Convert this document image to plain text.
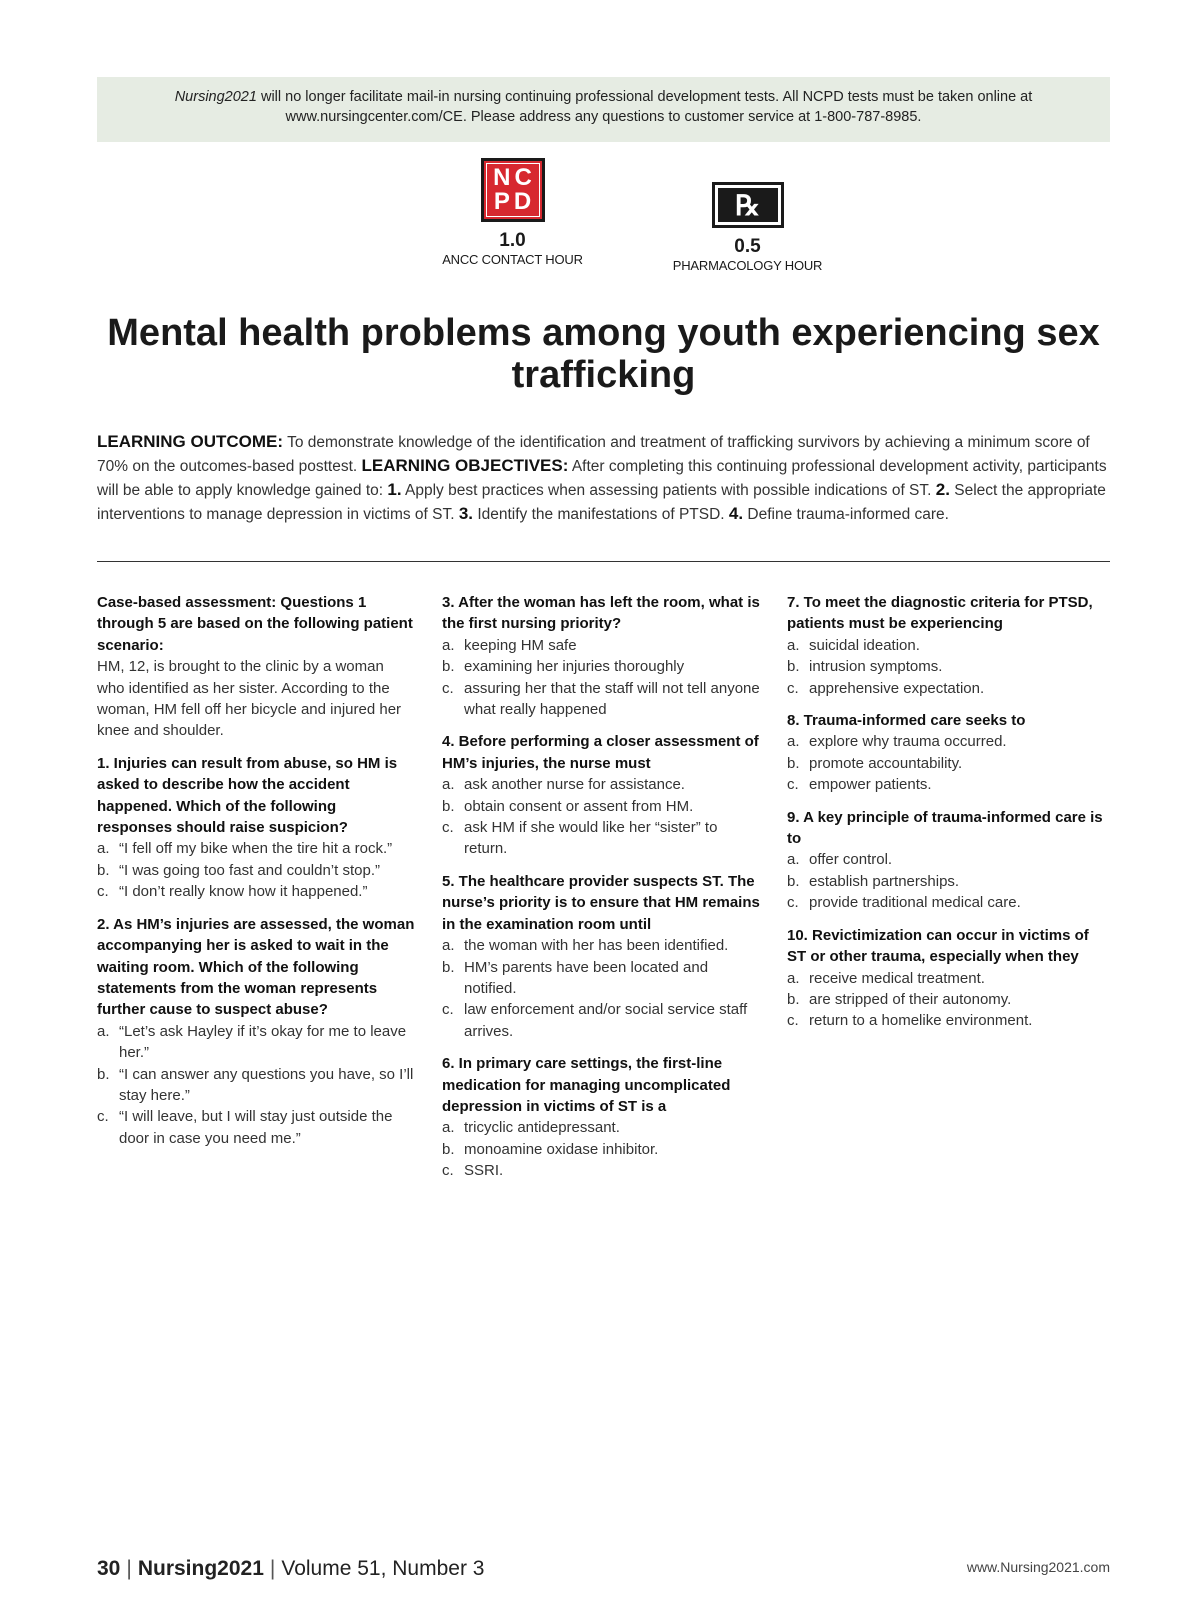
Nursing2021 will no longer facilitate mail-in nursing continuing professional development tests. All NCPD tests must be taken online at www.nursingcenter.com/CE. Please address any questions to customer service at 1-800-787-8985.
NC
PD
1.0
ANCC CONTACT HOUR
℞
0.5
PHARMACOLOGY HOUR
Mental health problems among youth experiencing sex trafficking
LEARNING OUTCOME: To demonstrate knowledge of the identification and treatment of trafficking survivors by achieving a minimum score of 70% on the outcomes-based posttest. LEARNING OBJECTIVES: After completing this continuing professional development activity, participants will be able to apply knowledge gained to: 1. Apply best practices when assessing patients with possible indications of ST. 2. Select the appropriate interventions to manage depression in victims of ST. 3. Identify the manifestations of PTSD. 4. Define trauma-informed care.
Case-based assessment: Questions 1 through 5 are based on the following patient scenario:
HM, 12, is brought to the clinic by a woman who identified as her sister. According to the woman, HM fell off her bicycle and injured her knee and shoulder.
1. Injuries can result from abuse, so HM is asked to describe how the accident happened. Which of the following responses should raise suspicion?
a. “I fell off my bike when the tire hit a rock.”
b. “I was going too fast and couldn’t stop.”
c. “I don’t really know how it happened.”
2. As HM’s injuries are assessed, the woman accompanying her is asked to wait in the waiting room. Which of the following statements from the woman represents further cause to suspect abuse?
a. “Let’s ask Hayley if it’s okay for me to leave her.”
b. “I can answer any questions you have, so I’ll stay here.”
c. “I will leave, but I will stay just outside the door in case you need me.”
3. After the woman has left the room, what is the first nursing priority?
a. keeping HM safe
b. examining her injuries thoroughly
c. assuring her that the staff will not tell anyone what really happened
4. Before performing a closer assessment of HM’s injuries, the nurse must
a. ask another nurse for assistance.
b. obtain consent or assent from HM.
c. ask HM if she would like her “sister” to return.
5. The healthcare provider suspects ST. The nurse’s priority is to ensure that HM remains in the examination room until
a. the woman with her has been identified.
b. HM’s parents have been located and notified.
c. law enforcement and/or social service staff arrives.
6. In primary care settings, the first-line medication for managing uncomplicated depression in victims of ST is a
a. tricyclic antidepressant.
b. monoamine oxidase inhibitor.
c. SSRI.
7. To meet the diagnostic criteria for PTSD, patients must be experiencing
a. suicidal ideation.
b. intrusion symptoms.
c. apprehensive expectation.
8. Trauma-informed care seeks to
a. explore why trauma occurred.
b. promote accountability.
c. empower patients.
9. A key principle of trauma-informed care is to
a. offer control.
b. establish partnerships.
c. provide traditional medical care.
10. Revictimization can occur in victims of ST or other trauma, especially when they
a. receive medical treatment.
b. are stripped of their autonomy.
c. return to a homelike environment.
30 | Nursing2021 | Volume 51, Number 3	www.Nursing2021.com
